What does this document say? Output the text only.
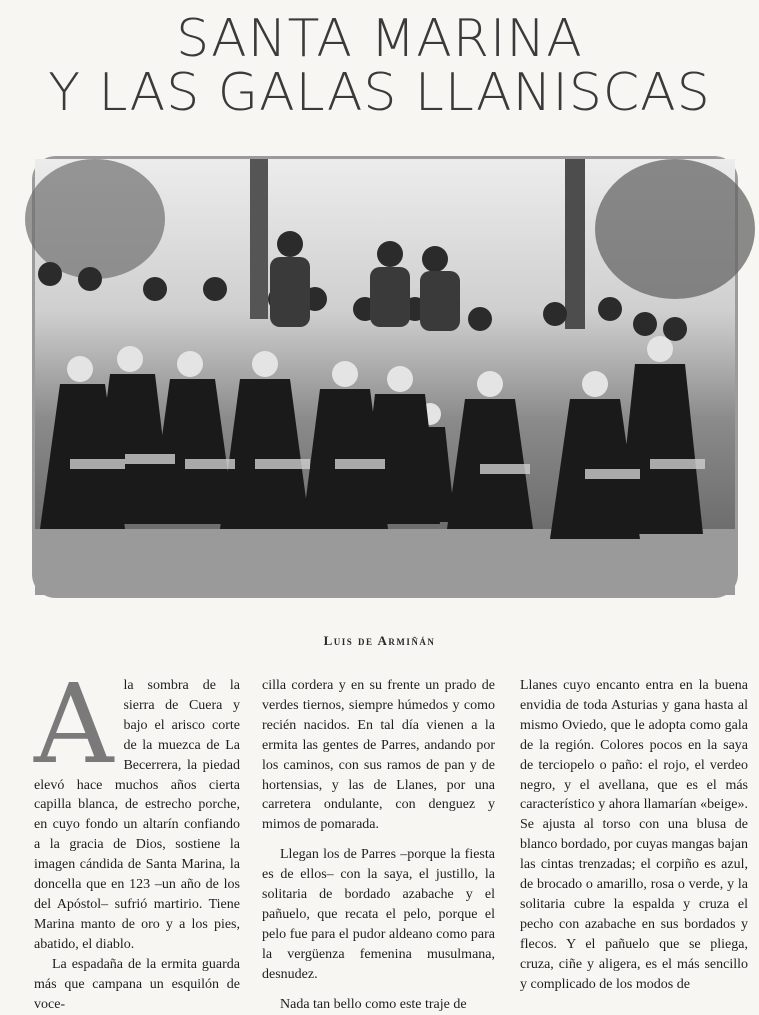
SANTA MARINA
Y LAS GALAS LLANISCAS
Luis de Armiñán
A la sombra de la sierra de Cuera y bajo el arisco corte de la muezca de La Becerrera, la piedad elevó hace muchos años cierta capilla blanca, de estrecho porche, en cuyo fondo un altarín confiando a la gracia de Dios, sostiene la imagen cándida de Santa Marina, la doncella que en 123 –un año de los del Apóstol– sufrió martirio. Tiene Marina manto de oro y a los pies, abatido, el diablo.

La espadaña de la ermita guarda más que campana un esquilón de voce-

cilla cordera y en su frente un prado de verdes tiernos, siempre húmedos y como recién nacidos. En tal día vienen a la ermita las gentes de Parres, andando por los caminos, con sus ramos de pan y de hortensias, y las de Llanes, por una carretera ondulante, con denguez y mimos de pomarada.

Llegan los de Parres –porque la fiesta es de ellos– con la saya, el justillo, la solitaria de bordado azabache y el pañuelo, que recata el pelo, porque el pelo fue para el pudor aldeano como para la vergüenza femenina musulmana, desnudez.

Nada tan bello como este traje de

Llanes cuyo encanto entra en la buena envidia de toda Asturias y gana hasta al mismo Oviedo, que le adopta como gala de la región. Colores pocos en la saya de terciopelo o paño: el rojo, el verdeo negro, y el avellana, que es el más característico y ahora llamarían «beige». Se ajusta al torso con una blusa de blanco bordado, por cuyas mangas bajan las cintas trenzadas; el corpiño es azul, de brocado o amarillo, rosa o verde, y la solitaria cubre la espalda y cruza el pecho con azabache en sus bordados y flecos. Y el pañuelo que se pliega, cruza, ciñe y aligera, es el más sencillo y complicado de los modos de
